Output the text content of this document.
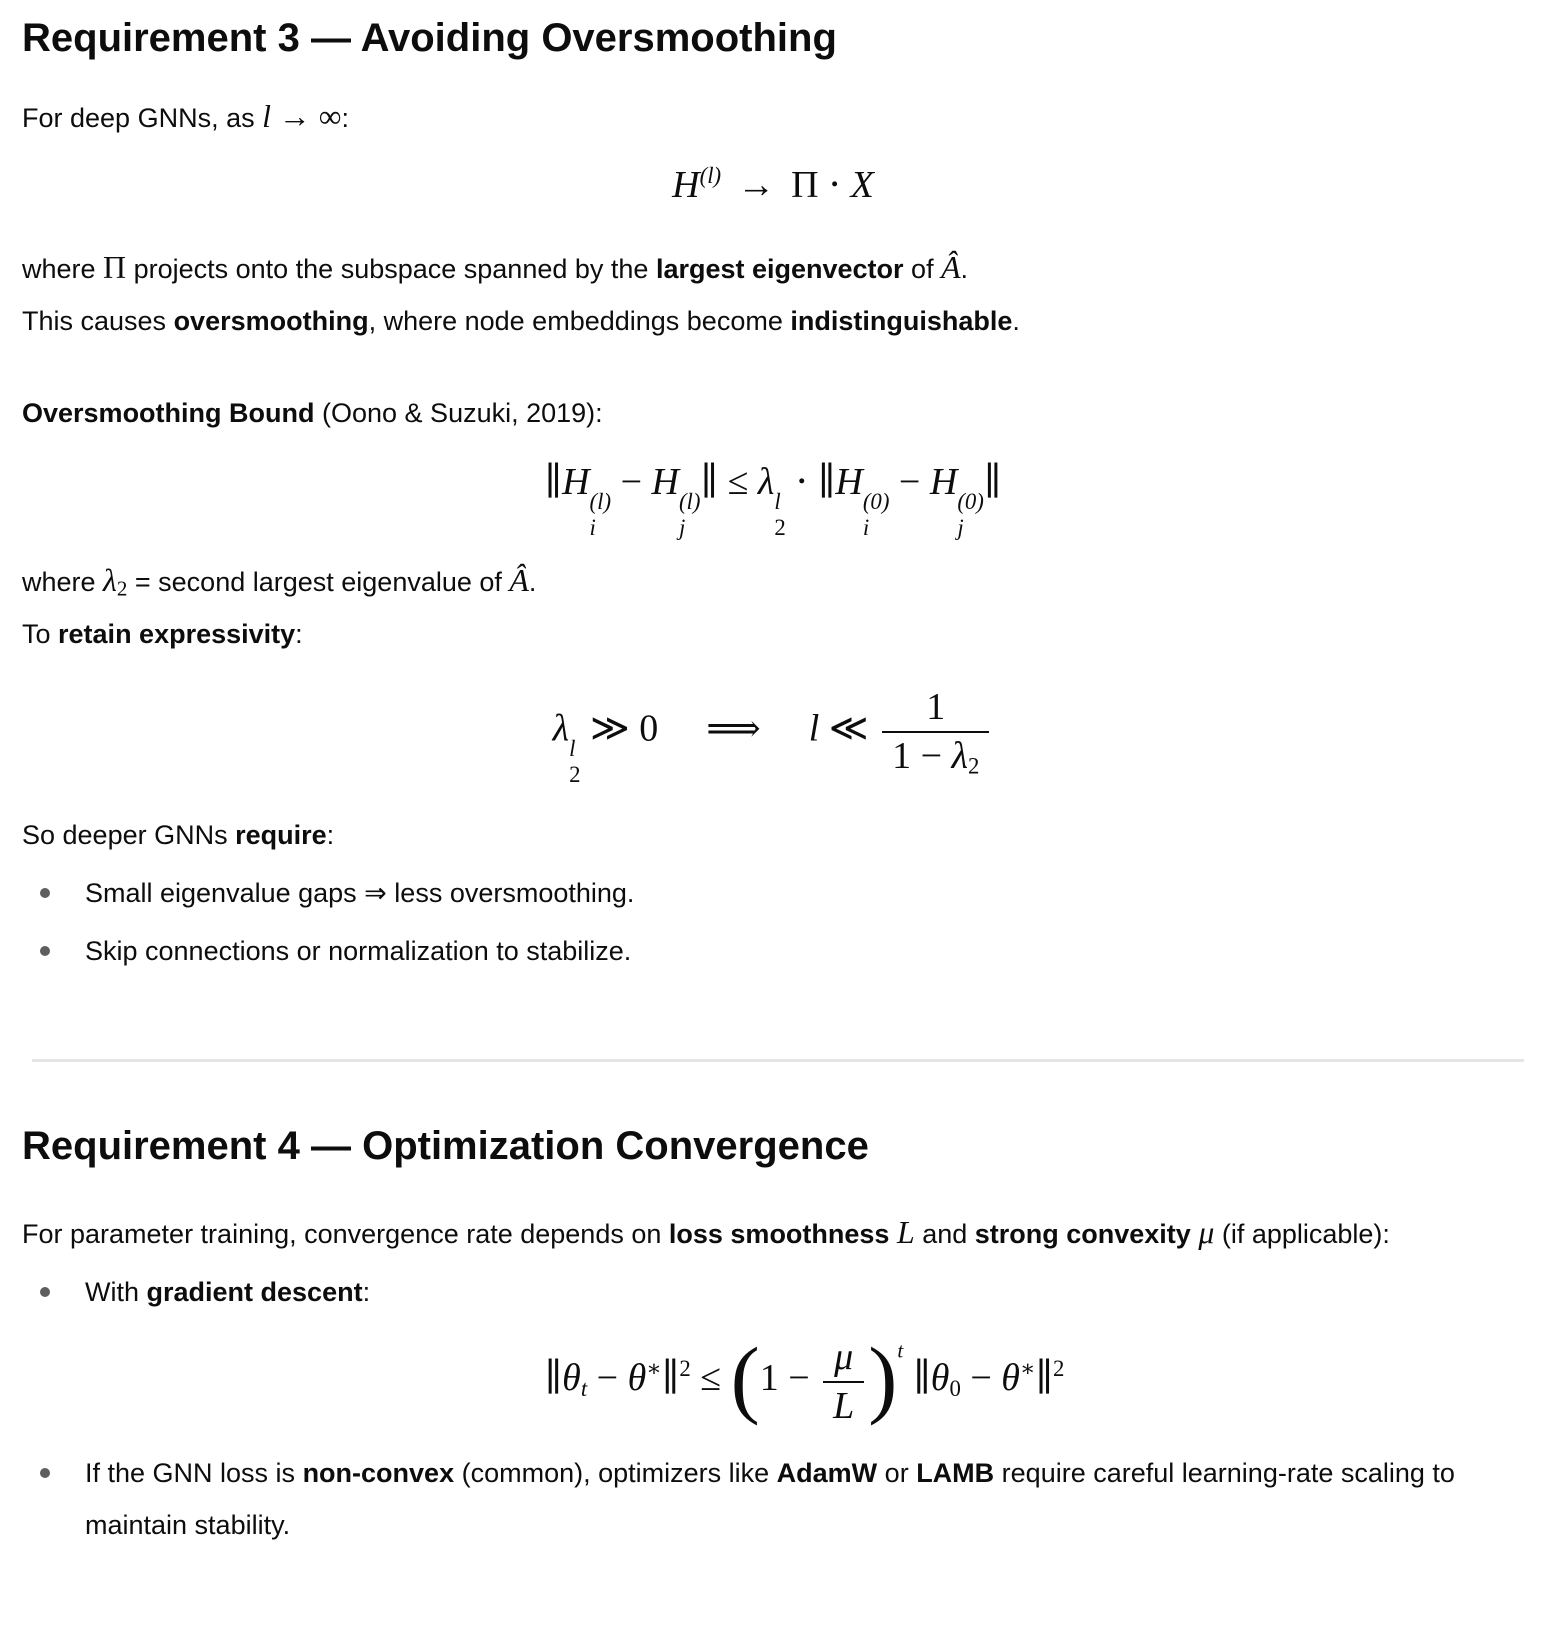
Requirement 3 — Avoiding Oversmoothing

For deep GNNs, as l → ∞:

$H^{(l)} \to \Pi \cdot X$

where Π projects onto the subspace spanned by the largest eigenvector of Â.

This causes oversmoothing, where node embeddings become indistinguishable.

Oversmoothing Bound (Oono & Suzuki, 2019):

∥H (l)
i
− H (l)
j
∥ ≤ λ l
2
⋅ ∥H (0)
i
− H (0)
j
∥

where λ2 = second largest eigenvalue of Â.

To retain expressivity:

λ l
2
≫ 0 ⟹ l ≪ $\frac{1}{1 - \lambda_2}$

So deeper GNNs require:

Small eigenvalue gaps ⇒ less oversmoothing.
Skip connections or normalization to stabilize.
Requirement 4 — Optimization Convergence

For parameter training, convergence rate depends on loss smoothness L and strong convexity μ (if applicable):

With gradient descent:

$\parallel\theta_t$ − θ∗∥$^2$ ≤ ($1 - \frac{\mu}{L}$ )$^t\parallel\theta_0$ − θ∗∥$^2$
If the GNN loss is non-convex (common), optimizers like AdamW or LAMB require careful learning-rate scaling to maintain stability.
